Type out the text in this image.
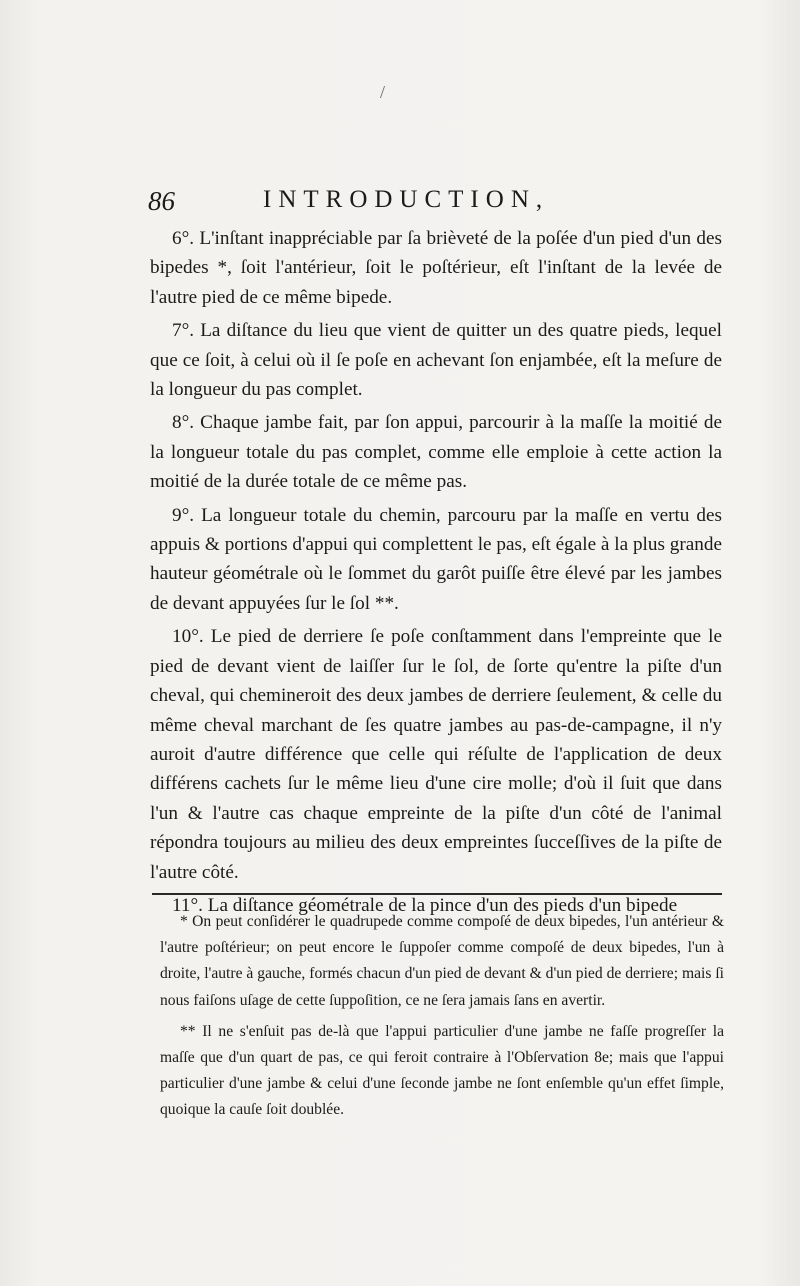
/
86	INTRODUCTION,

6°. L'inſtant inappréciable par ſa brièveté de la poſée d'un pied d'un des bipedes *, ſoit l'antérieur, ſoit le poſtérieur, eſt l'inſtant de la levée de l'autre pied de ce même bipede.

7°. La diſtance du lieu que vient de quitter un des quatre pieds, lequel que ce ſoit, à celui où il ſe poſe en achevant ſon enjambée, eſt la meſure de la longueur du pas complet.

8°. Chaque jambe fait, par ſon appui, parcourir à la maſſe la moitié de la longueur totale du pas complet, comme elle emploie à cette action la moitié de la durée totale de ce même pas.

9°. La longueur totale du chemin, parcouru par la maſſe en vertu des appuis & portions d'appui qui complettent le pas, eſt égale à la plus grande hauteur géométrale où le ſommet du garôt puiſſe être élevé par les jambes de devant appuyées ſur le ſol **.

10°. Le pied de derriere ſe poſe conſtamment dans l'empreinte que le pied de devant vient de laiſſer ſur le ſol, de ſorte qu'entre la piſte d'un cheval, qui chemineroit des deux jambes de derriere ſeulement, & celle du même cheval marchant de ſes quatre jambes au pas-de-campagne, il n'y auroit d'autre différence que celle qui réſulte de l'application de deux différens cachets ſur le même lieu d'une cire molle; d'où il ſuit que dans l'un & l'autre cas chaque empreinte de la piſte d'un côté de l'animal répondra toujours au milieu des deux empreintes ſucceſſives de la piſte de l'autre côté.

11°. La diſtance géométrale de la pince d'un des pieds d'un bipede

* On peut conſidérer le quadrupede comme compoſé de deux bipedes, l'un antérieur & l'autre poſtérieur; on peut encore le ſuppoſer comme compoſé de deux bipedes, l'un à droite, l'autre à gauche, formés chacun d'un pied de devant & d'un pied de derriere; mais ſi nous faiſons uſage de cette ſuppoſition, ce ne ſera jamais ſans en avertir.

** Il ne s'enſuit pas de-là que l'appui particulier d'une jambe ne faſſe progreſſer la maſſe que d'un quart de pas, ce qui feroit contraire à l'Obſervation 8e; mais que l'appui particulier d'une jambe & celui d'une ſeconde jambe ne ſont enſemble qu'un effet ſimple, quoique la cauſe ſoit doublée.
